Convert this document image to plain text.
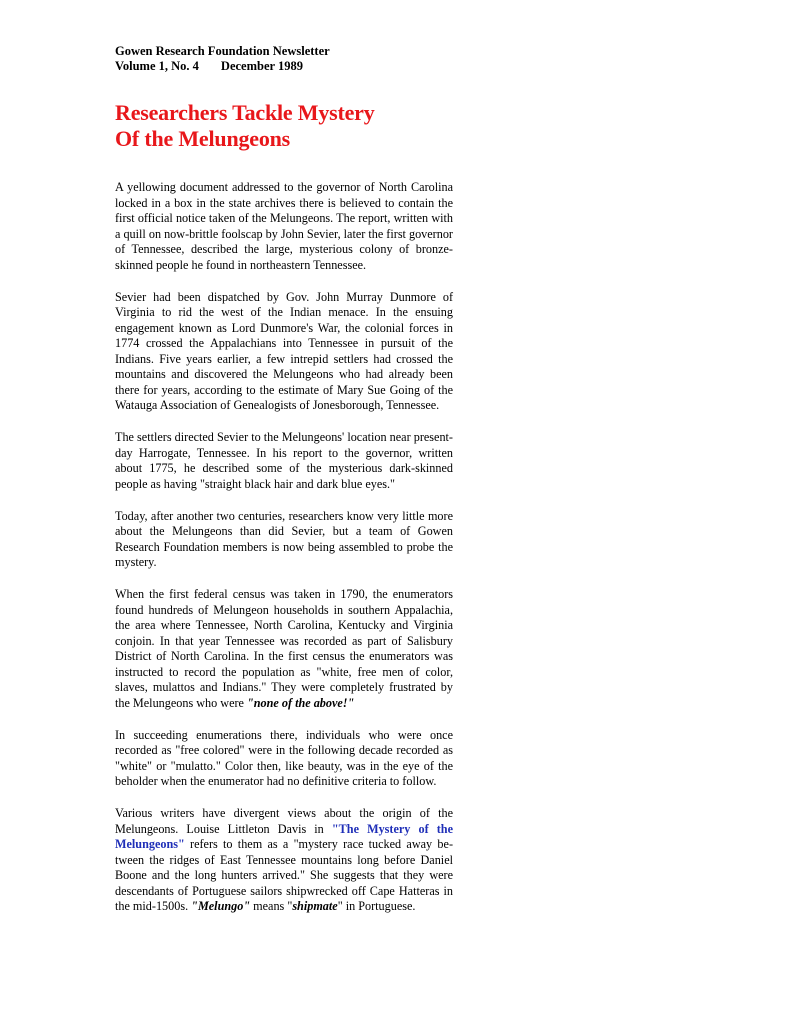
Gowen Research Foundation Newsletter
Volume 1, No. 4 December 1989
Researchers Tackle Mystery
Of the Melungeons

A yellowing document addressed to the governor of North Carolina locked in a box in the state archives there is believed to contain the first official notice taken of the Melungeons. The report, written with a quill on now-brittle foolscap by John Sevier, later the first governor of Tennessee, described the large, mysterious colony of bronze-skinned people he found in northeastern Tennessee.

Sevier had been dispatched by Gov. John Murray Dunmore of Virginia to rid the west of the Indian menace. In the ensuing engagement known as Lord Dunmore's War, the colonial forces in 1774 crossed the Appalachians into Tennessee in pursuit of the Indians. Five years earlier, a few intrepid settlers had crossed the mountains and discovered the Melungeons who had already been there for years, according to the estimate of Mary Sue Going of the Watauga Association of Genealogists of Jonesborough, Tennessee.

The settlers directed Sevier to the Melungeons' location near present-day Harrogate, Tennessee. In his report to the governor, written about 1775, he described some of the mysterious dark-skinned people as having "straight black hair and dark blue eyes."

Today, after another two centuries, researchers know very little more about the Melungeons than did Sevier, but a team of Gowen Research Foundation members is now being assembled to probe the mystery.

When the first federal census was taken in 1790, the enumerators found hundreds of Melungeon households in southern Appalachia, the area where Tennessee, North Carolina, Kentucky and Virginia conjoin. In that year Tennessee was recorded as part of Salisbury District of North Carolina. In the first census the enumerators was instructed to record the population as "white, free men of color, slaves, mulattos and Indians." They were completely frustrated by the Melungeons who were "none of the above!"

In succeeding enumerations there, individuals who were once recorded as "free colored" were in the following decade recorded as "white" or "mulatto." Color then, like beauty, was in the eye of the beholder when the enumerator had no definitive criteria to follow.

Various writers have divergent views about the origin of the Melungeons. Louise Littleton Davis in "The Mystery of the Melungeons" refers to them as a "mystery race tucked away between the ridges of East Tennessee mountains long before Daniel Boone and the long hunters arrived." She suggests that they were descendants of Portuguese sailors shipwrecked off Cape Hatteras in the mid-1500s. "Melungo" means "shipmate" in Portuguese.
